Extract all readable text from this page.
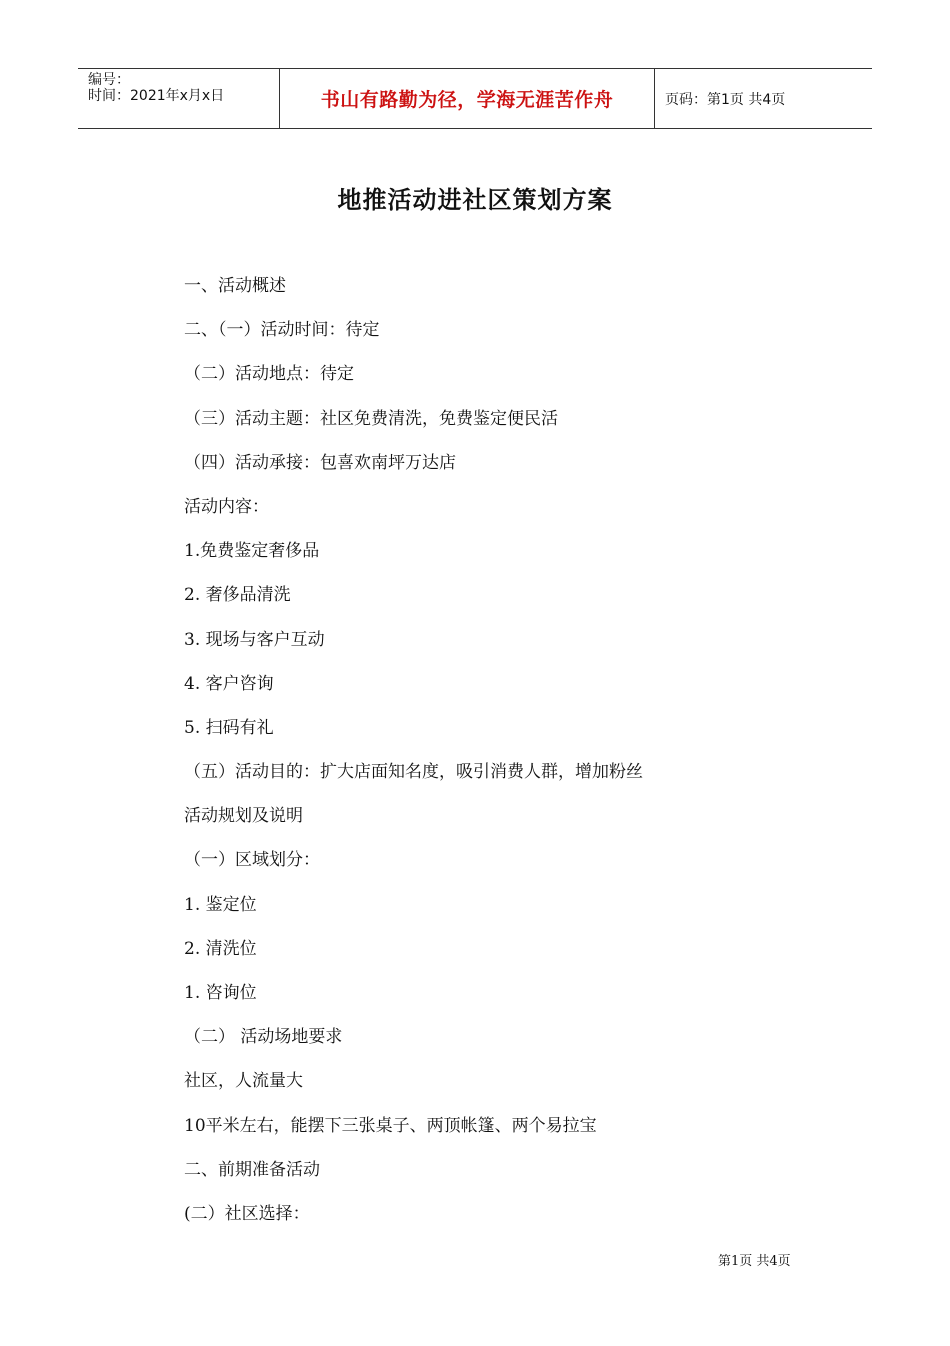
编号：
时间：2021年x月x日	书山有路勤为径，学海无涯苦作舟	页码：第1页 共4页
地推活动进社区策划方案
一、活动概述
二、（一）活动时间：待定
（二）活动地点：待定
（三）活动主题：社区免费清洗，免费鉴定便民活
（四）活动承接：包喜欢南坪万达店
活动内容：
1.免费鉴定奢侈品
2. 奢侈品清洗
3. 现场与客户互动
4. 客户咨询
5. 扫码有礼
（五）活动目的：扩大店面知名度，吸引消费人群，增加粉丝
活动规划及说明
（一）区域划分：
1. 鉴定位
2. 清洗位
1. 咨询位
（二） 活动场地要求
社区，人流量大
10平米左右，能摆下三张桌子、两顶帐篷、两个易拉宝
二、前期准备活动
(二）社区选择：
第1页 共4页
